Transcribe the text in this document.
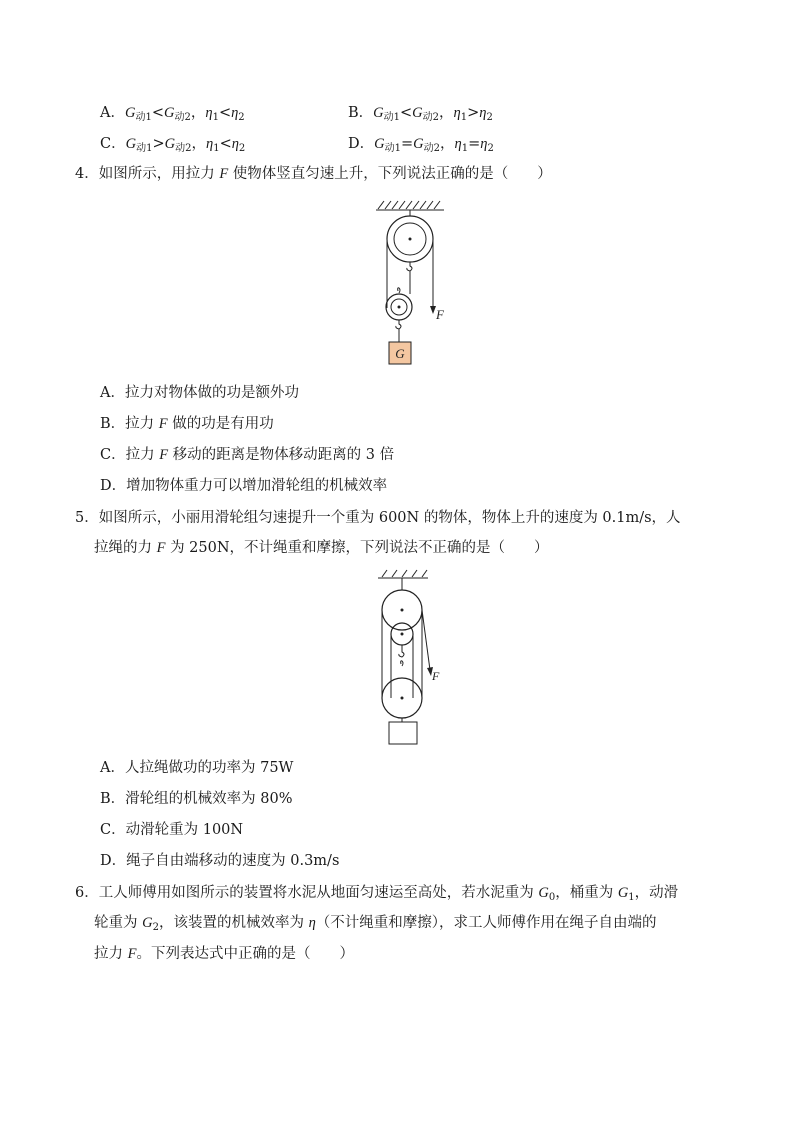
A．$G_{动1}<G_{动2}$，$\eta_1<\eta_2$	B．$G_{动1}<G_{动2}$，$\eta_1>\eta_2$
C．$G_{动1}>G_{动2}$，$\eta_1<\eta_2$	D．$G_{动1}=G_{动2}$，$\eta_1=\eta_2$
4．如图所示，用拉力 F 使物体竖直匀速上升，下列说法正确的是（　　）
G
F
A．拉力对物体做的功是额外功
B．拉力 F 做的功是有用功
C．拉力 F 移动的距离是物体移动距离的 3 倍
D．增加物体重力可以增加滑轮组的机械效率
5．如图所示，小丽用滑轮组匀速提升一个重为 600N 的物体，物体上升的速度为 0.1m/s，人
拉绳的力 F 为 250N，不计绳重和摩擦，下列说法不正确的是（　　）
F
A．人拉绳做功的功率为 75W
B．滑轮组的机械效率为 80%
C．动滑轮重为 100N
D．绳子自由端移动的速度为 0.3m/s
6．工人师傅用如图所示的装置将水泥从地面匀速运至高处，若水泥重为 $G_0$，桶重为 $G_1$，动滑
轮重为 $G_2$，该装置的机械效率为 η（不计绳重和摩擦），求工人师傅作用在绳子自由端的
拉力 F。下列表达式中正确的是（　　）
